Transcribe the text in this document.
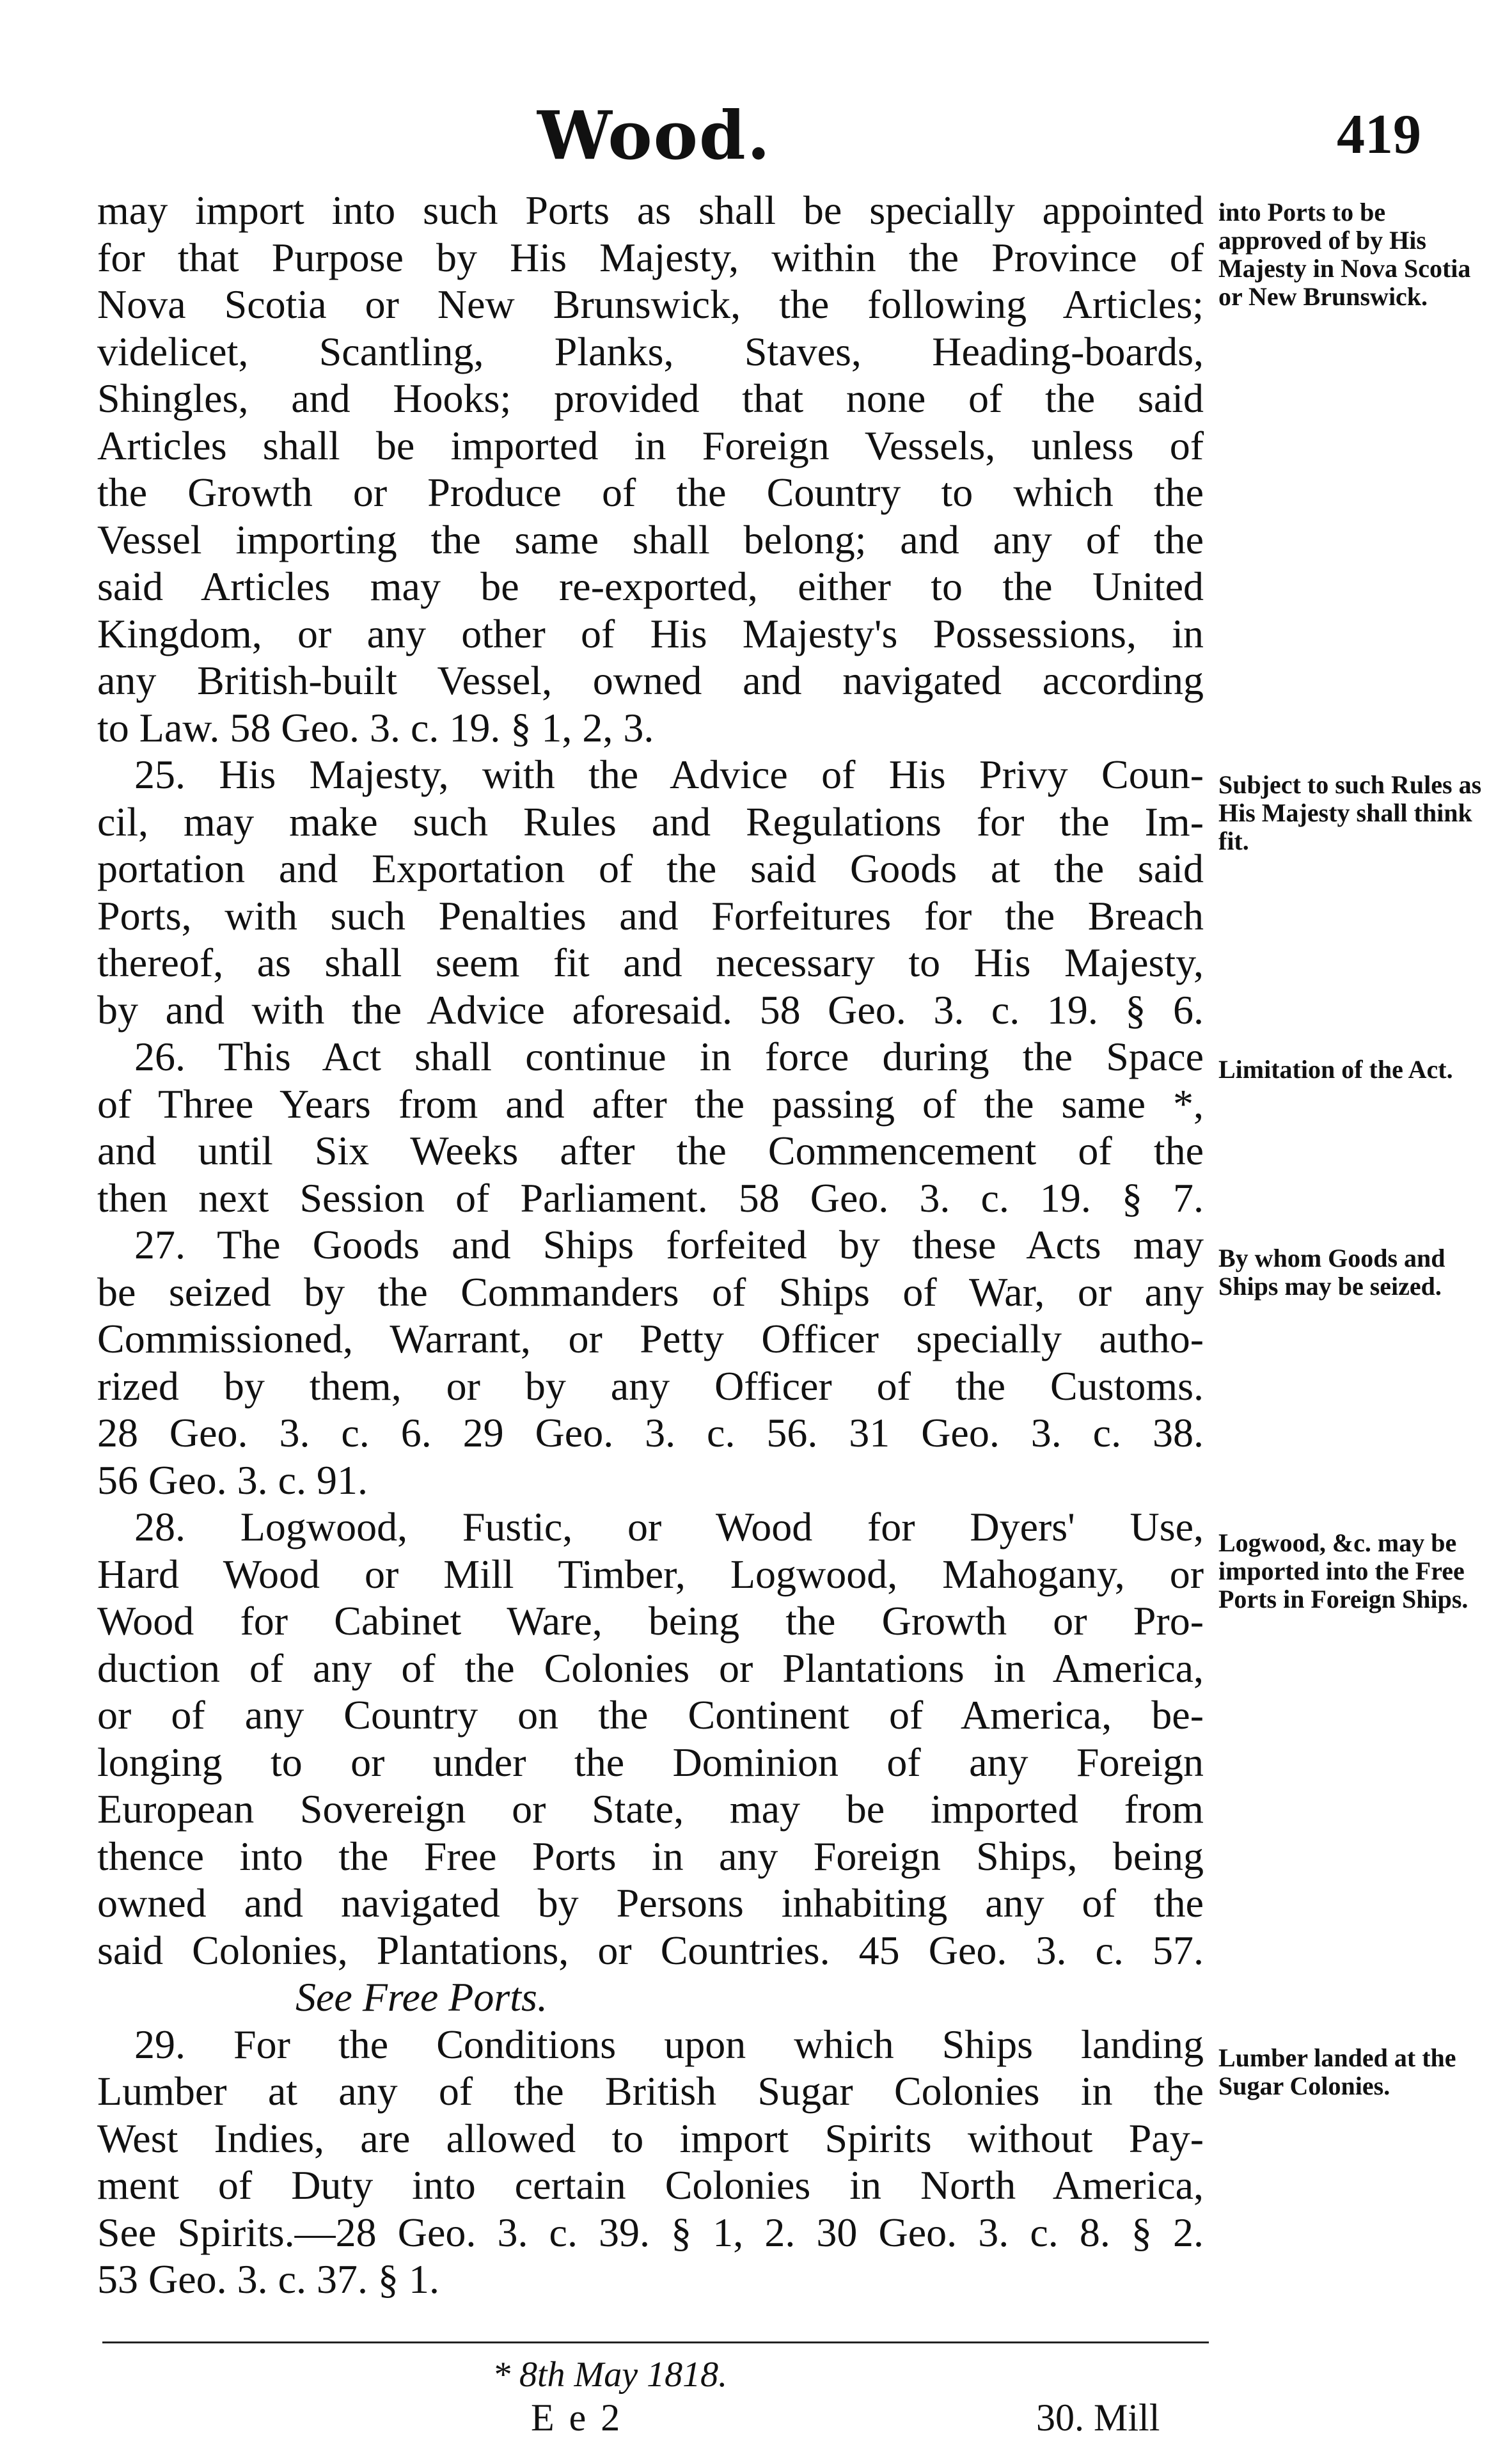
Wood.	419
may import into such Ports as shall be specially appointed
for that Purpose by His Majesty, within the Province of
Nova Scotia or New Brunswick, the following Articles;
videlicet, Scantling, Planks, Staves, Heading-boards,
Shingles, and Hooks; provided that none of the said
Articles shall be imported in Foreign Vessels, unless of
the Growth or Produce of the Country to which the
Vessel importing the same shall belong; and any of the
said Articles may be re-exported, either to the United
Kingdom, or any other of His Majesty's Possessions, in
any British-built Vessel, owned and navigated according
to Law. 58 Geo. 3. c. 19. § 1, 2, 3.
25. His Majesty, with the Advice of His Privy Coun-
cil, may make such Rules and Regulations for the Im-
portation and Exportation of the said Goods at the said
Ports, with such Penalties and Forfeitures for the Breach
thereof, as shall seem fit and necessary to His Majesty,
by and with the Advice aforesaid. 58 Geo. 3. c. 19. § 6.
26. This Act shall continue in force during the Space
of Three Years from and after the passing of the same *,
and until Six Weeks after the Commencement of the
then next Session of Parliament. 58 Geo. 3. c. 19. § 7.
27. The Goods and Ships forfeited by these Acts may
be seized by the Commanders of Ships of War, or any
Commissioned, Warrant, or Petty Officer specially autho-
rized by them, or by any Officer of the Customs.
28 Geo. 3. c. 6. 29 Geo. 3. c. 56. 31 Geo. 3. c. 38.
56 Geo. 3. c. 91.
28. Logwood, Fustic, or Wood for Dyers' Use,
Hard Wood or Mill Timber, Logwood, Mahogany, or
Wood for Cabinet Ware, being the Growth or Pro-
duction of any of the Colonies or Plantations in America,
or of any Country on the Continent of America, be-
longing to or under the Dominion of any Foreign
European Sovereign or State, may be imported from
thence into the Free Ports in any Foreign Ships, being
owned and navigated by Persons inhabiting any of the
said Colonies, Plantations, or Countries. 45 Geo. 3. c. 57.
See Free Ports.
29. For the Conditions upon which Ships landing
Lumber at any of the British Sugar Colonies in the
West Indies, are allowed to import Spirits without Pay-
ment of Duty into certain Colonies in North America,
See Spirits.—28 Geo. 3. c. 39. § 1, 2. 30 Geo. 3. c. 8. § 2.
53 Geo. 3. c. 37. § 1.
into Ports to be approved of by His Majesty in Nova Scotia or New Brunswick.
Subject to such Rules as His Majesty shall think fit.
Limitation of the Act.
By whom Goods and Ships may be seized.
Logwood, &c. may be imported into the Free Ports in Foreign Ships.
Lumber landed at the Sugar Colonies.
* 8th May 1818.
E e 2	30. Mill
